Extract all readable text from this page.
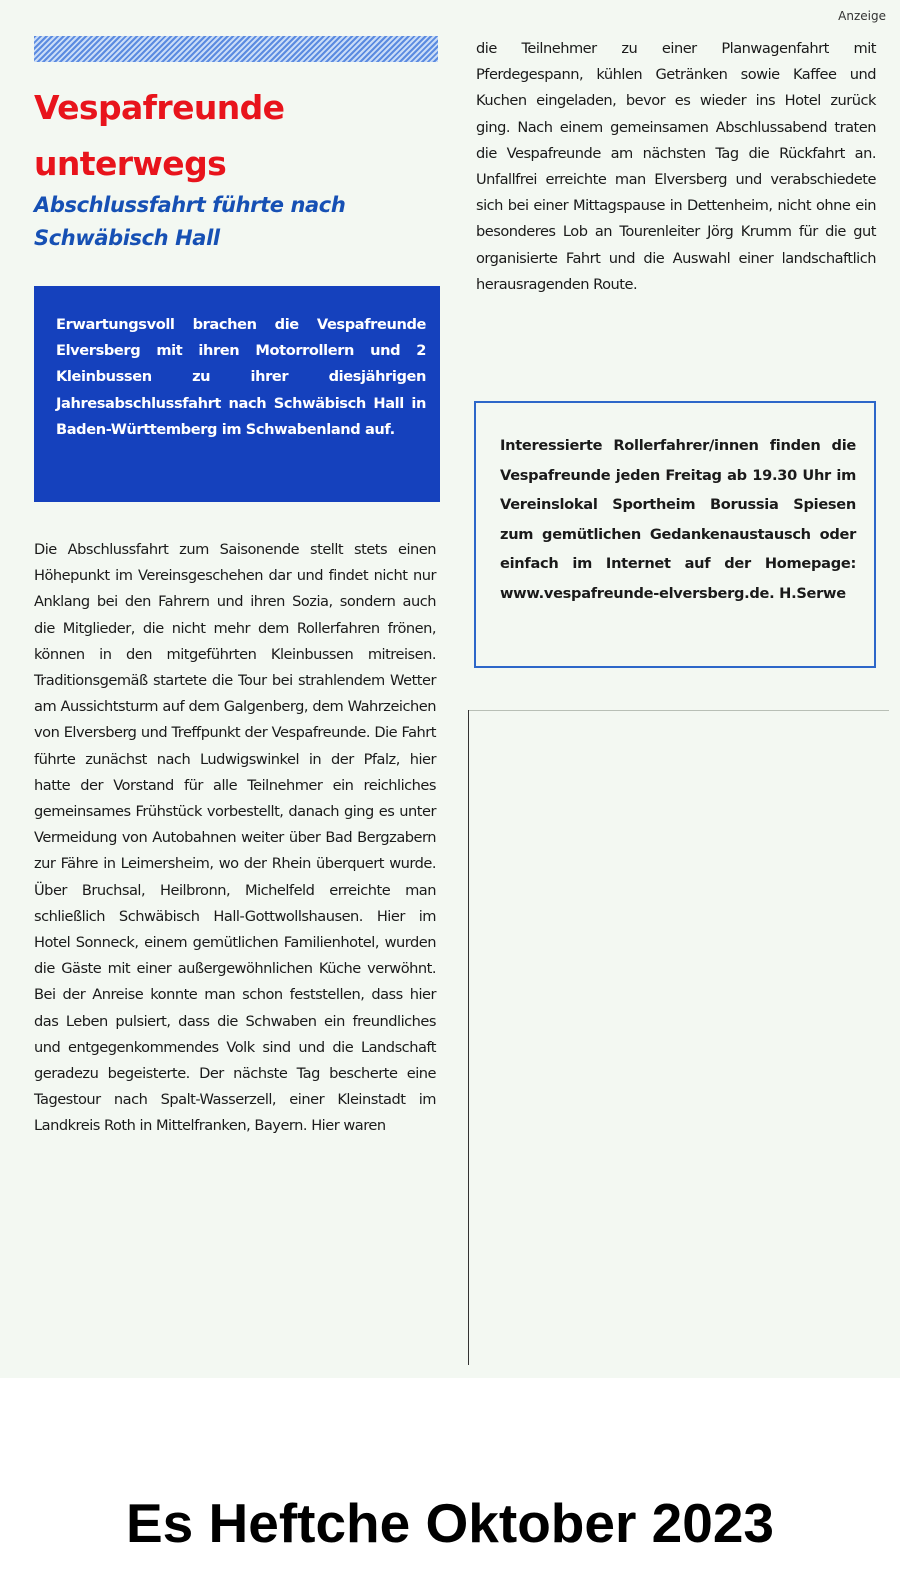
Anzeige
Vespafreunde unterwegs
Abschlussfahrt führte nach Schwäbisch Hall
Erwartungsvoll brachen die Vespafreunde Elversberg mit ihren Motorrollern und 2 Kleinbussen zu ihrer diesjährigen Jahresabschlussfahrt nach Schwäbisch Hall in Baden-Württemberg im Schwabenland auf.
Die Abschlussfahrt zum Saisonende stellt stets einen Höhepunkt im Vereinsgeschehen dar und findet nicht nur Anklang bei den Fahrern und ihren Sozia, sondern auch die Mitglieder, die nicht mehr dem Rollerfahren frönen, können in den mitgeführten Kleinbussen mitreisen. Traditionsgemäß startete die Tour bei strahlendem Wetter am Aussichtsturm auf dem Galgenberg, dem Wahrzeichen von Elversberg und Treffpunkt der Vespafreunde. Die Fahrt führte zunächst nach Ludwigswinkel in der Pfalz, hier hatte der Vorstand für alle Teilnehmer ein reichliches gemeinsames Frühstück vorbestellt, danach ging es unter Vermeidung von Autobahnen weiter über Bad Bergzabern zur Fähre in Leimersheim, wo der Rhein überquert wurde. Über Bruchsal, Heilbronn, Michelfeld erreichte man schließlich Schwäbisch Hall-Gottwollshausen. Hier im Hotel Sonneck, einem gemütlichen Familienhotel, wurden die Gäste mit einer außergewöhnlichen Küche verwöhnt. Bei der Anreise konnte man schon feststellen, dass hier das Leben pulsiert, dass die Schwaben ein freundliches und entgegenkommendes Volk sind und die Landschaft geradezu begeisterte. Der nächste Tag bescherte eine Tagestour nach Spalt-Wasserzell, einer Kleinstadt im Landkreis Roth in Mittelfranken, Bayern. Hier waren
die Teilnehmer zu einer Planwagenfahrt mit Pferdegespann, kühlen Getränken sowie Kaffee und Kuchen eingeladen, bevor es wieder ins Hotel zurück ging. Nach einem gemeinsamen Abschlussabend traten die Vespafreunde am nächsten Tag die Rückfahrt an. Unfallfrei erreichte man Elversberg und verabschiedete sich bei einer Mittagspause in Dettenheim, nicht ohne ein besonderes Lob an Tourenleiter Jörg Krumm für die gut organisierte Fahrt und die Auswahl einer landschaftlich herausragenden Route.
Interessierte Rollerfahrer/innen finden die Vespafreunde jeden Freitag ab 19.30 Uhr im Vereinslokal Sportheim Borussia Spiesen zum gemütlichen Gedankenaustausch oder einfach im Internet auf der Homepage: www.vespafreunde-elversberg.de. H.Serwe
Es Heftche Oktober 2023
